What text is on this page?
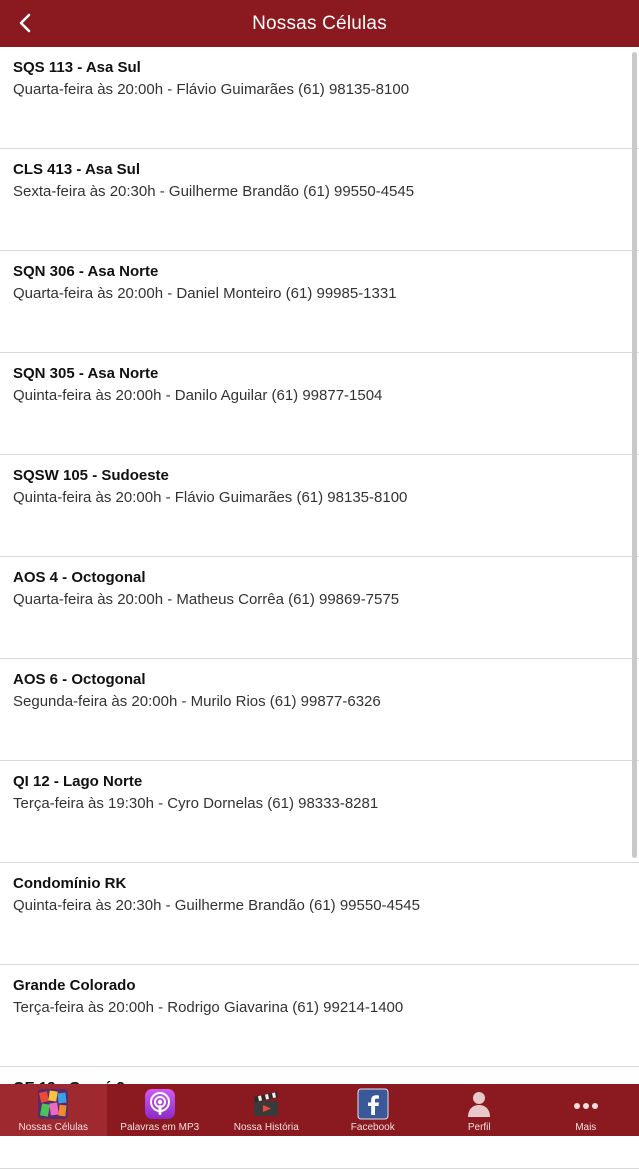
Nossas Células
SQS 113 - Asa Sul
Quarta-feira às 20:00h - Flávio Guimarães (61) 98135-8100
CLS 413 - Asa Sul
Sexta-feira às 20:30h - Guilherme Brandão (61) 99550-4545
SQN 306 - Asa Norte
Quarta-feira às 20:00h - Daniel Monteiro (61) 99985-1331
SQN 305 - Asa Norte
Quinta-feira às 20:00h - Danilo Aguilar (61) 99877-1504
SQSW 105 - Sudoeste
Quinta-feira às 20:00h - Flávio Guimarães (61) 98135-8100
AOS 4 - Octogonal
Quarta-feira às 20:00h - Matheus Corrêa (61) 99869-7575
AOS 6 - Octogonal
Segunda-feira às 20:00h - Murilo Rios (61) 99877-6326
QI 12 - Lago Norte
Terça-feira às 19:30h - Cyro Dornelas (61) 98333-8281
Condomínio RK
Quinta-feira às 20:30h - Guilherme Brandão (61) 99550-4545
Grande Colorado
Terça-feira às 20:00h - Rodrigo Giavarina (61) 99214-1400
Nossas Células	Palavras em MP3	Nossa História	Facebook	Perfil	Mais
